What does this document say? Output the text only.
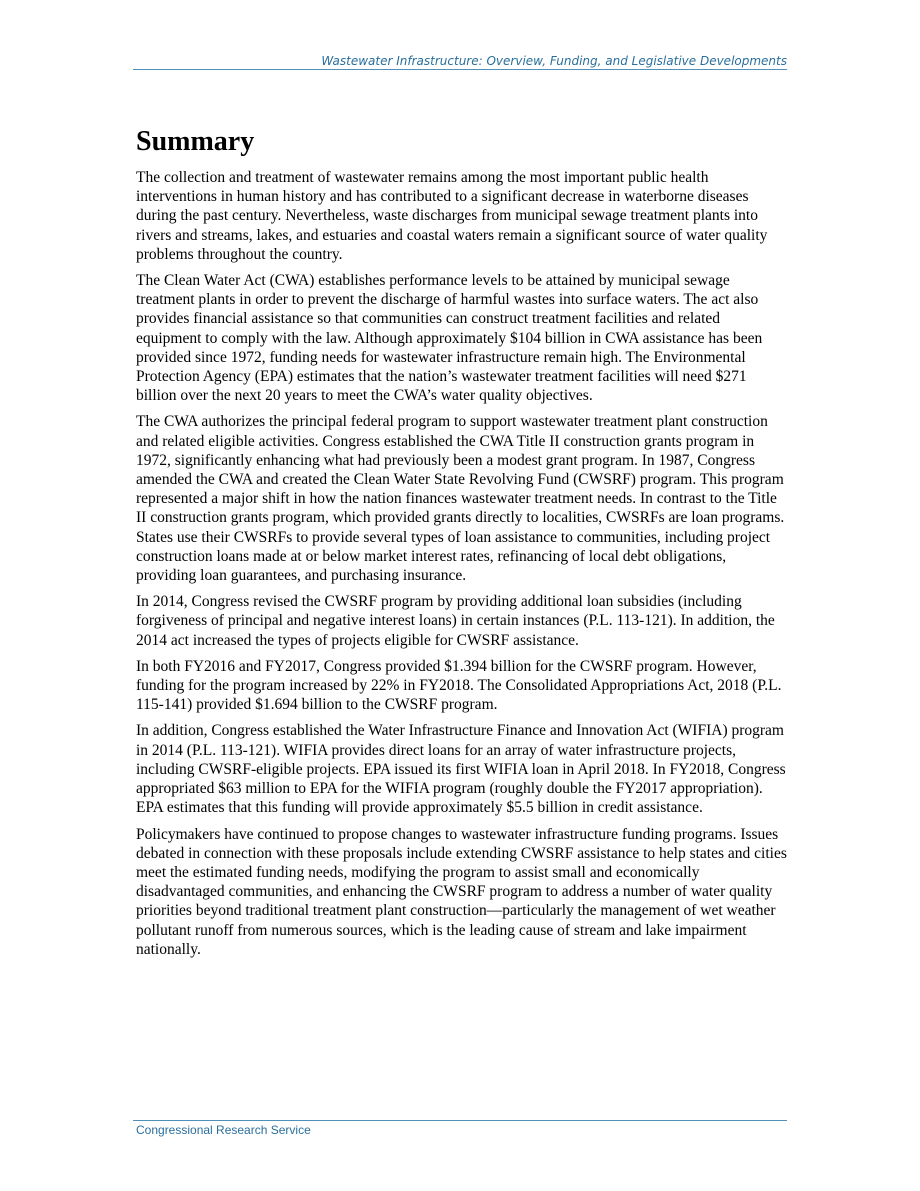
Wastewater Infrastructure: Overview, Funding, and Legislative Developments
Summary

The collection and treatment of wastewater remains among the most important public health interventions in human history and has contributed to a significant decrease in waterborne diseases during the past century. Nevertheless, waste discharges from municipal sewage treatment plants into rivers and streams, lakes, and estuaries and coastal waters remain a significant source of water quality problems throughout the country.

The Clean Water Act (CWA) establishes performance levels to be attained by municipal sewage treatment plants in order to prevent the discharge of harmful wastes into surface waters. The act also provides financial assistance so that communities can construct treatment facilities and related equipment to comply with the law. Although approximately $104 billion in CWA assistance has been provided since 1972, funding needs for wastewater infrastructure remain high. The Environmental Protection Agency (EPA) estimates that the nation’s wastewater treatment facilities will need $271 billion over the next 20 years to meet the CWA’s water quality objectives.

The CWA authorizes the principal federal program to support wastewater treatment plant construction and related eligible activities. Congress established the CWA Title II construction grants program in 1972, significantly enhancing what had previously been a modest grant program. In 1987, Congress amended the CWA and created the Clean Water State Revolving Fund (CWSRF) program. This program represented a major shift in how the nation finances wastewater treatment needs. In contrast to the Title II construction grants program, which provided grants directly to localities, CWSRFs are loan programs. States use their CWSRFs to provide several types of loan assistance to communities, including project construction loans made at or below market interest rates, refinancing of local debt obligations, providing loan guarantees, and purchasing insurance.

In 2014, Congress revised the CWSRF program by providing additional loan subsidies (including forgiveness of principal and negative interest loans) in certain instances (P.L. 113-121). In addition, the 2014 act increased the types of projects eligible for CWSRF assistance.

In both FY2016 and FY2017, Congress provided $1.394 billion for the CWSRF program. However, funding for the program increased by 22% in FY2018. The Consolidated Appropriations Act, 2018 (P.L. 115-141) provided $1.694 billion to the CWSRF program.

In addition, Congress established the Water Infrastructure Finance and Innovation Act (WIFIA) program in 2014 (P.L. 113-121). WIFIA provides direct loans for an array of water infrastructure projects, including CWSRF-eligible projects. EPA issued its first WIFIA loan in April 2018. In FY2018, Congress appropriated $63 million to EPA for the WIFIA program (roughly double the FY2017 appropriation). EPA estimates that this funding will provide approximately $5.5 billion in credit assistance.

Policymakers have continued to propose changes to wastewater infrastructure funding programs. Issues debated in connection with these proposals include extending CWSRF assistance to help states and cities meet the estimated funding needs, modifying the program to assist small and economically disadvantaged communities, and enhancing the CWSRF program to address a number of water quality priorities beyond traditional treatment plant construction—particularly the management of wet weather pollutant runoff from numerous sources, which is the leading cause of stream and lake impairment nationally.

Congressional Research Service
